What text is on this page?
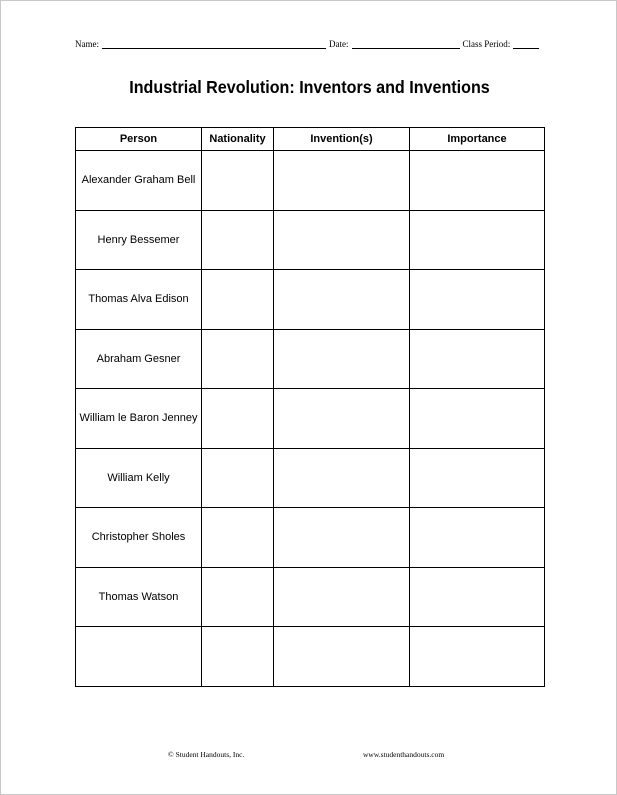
Name:	Date:	Class Period:
Industrial Revolution: Inventors and Inventions
Person	Nationality	Invention(s)	Importance
Alexander Graham Bell			
Henry Bessemer			
Thomas Alva Edison			
Abraham Gesner			
William le Baron Jenney			
William Kelly			
Christopher Sholes			
Thomas Watson			

© Student Handouts, Inc.	www.studenthandouts.com
